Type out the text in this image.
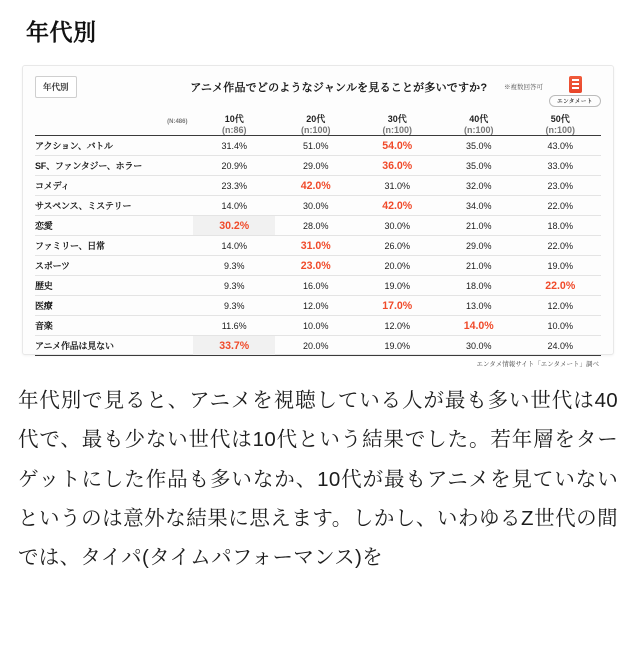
年代別
年代別	アニメ作品でどのようなジャンルを見ることが多いですか?	※複数回答可
エンタメート
(N:486)	10代	20代	30代	40代	50代
	(n:86)	(n:100)	(n:100)	(n:100)	(n:100)

アクション、バトル	31.4%	51.0%	54.0%	35.0%	43.0%
SF、ファンタジー、ホラー	20.9%	29.0%	36.0%	35.0%	33.0%
コメディ	23.3%	42.0%	31.0%	32.0%	23.0%
サスペンス、ミステリー	14.0%	30.0%	42.0%	34.0%	22.0%
恋愛	30.2%	28.0%	30.0%	21.0%	18.0%
ファミリー、日常	14.0%	31.0%	26.0%	29.0%	22.0%
スポーツ	9.3%	23.0%	20.0%	21.0%	19.0%
歴史	9.3%	16.0%	19.0%	18.0%	22.0%
医療	9.3%	12.0%	17.0%	13.0%	12.0%
音楽	11.6%	10.0%	12.0%	14.0%	10.0%
アニメ作品は見ない	33.7%	20.0%	19.0%	30.0%	24.0%
エンタメ情報サイト「エンタメート」調べ

年代別で見ると、アニメを視聴している人が最も多い世代は40代で、最も少ない世代は10代という結果でした。若年層をターゲットにした作品も多いなか、10代が最もアニメを見ていないというのは意外な結果に思えます。しかし、いわゆるZ世代の間では、タイパ(タイムパフォーマンス)を
